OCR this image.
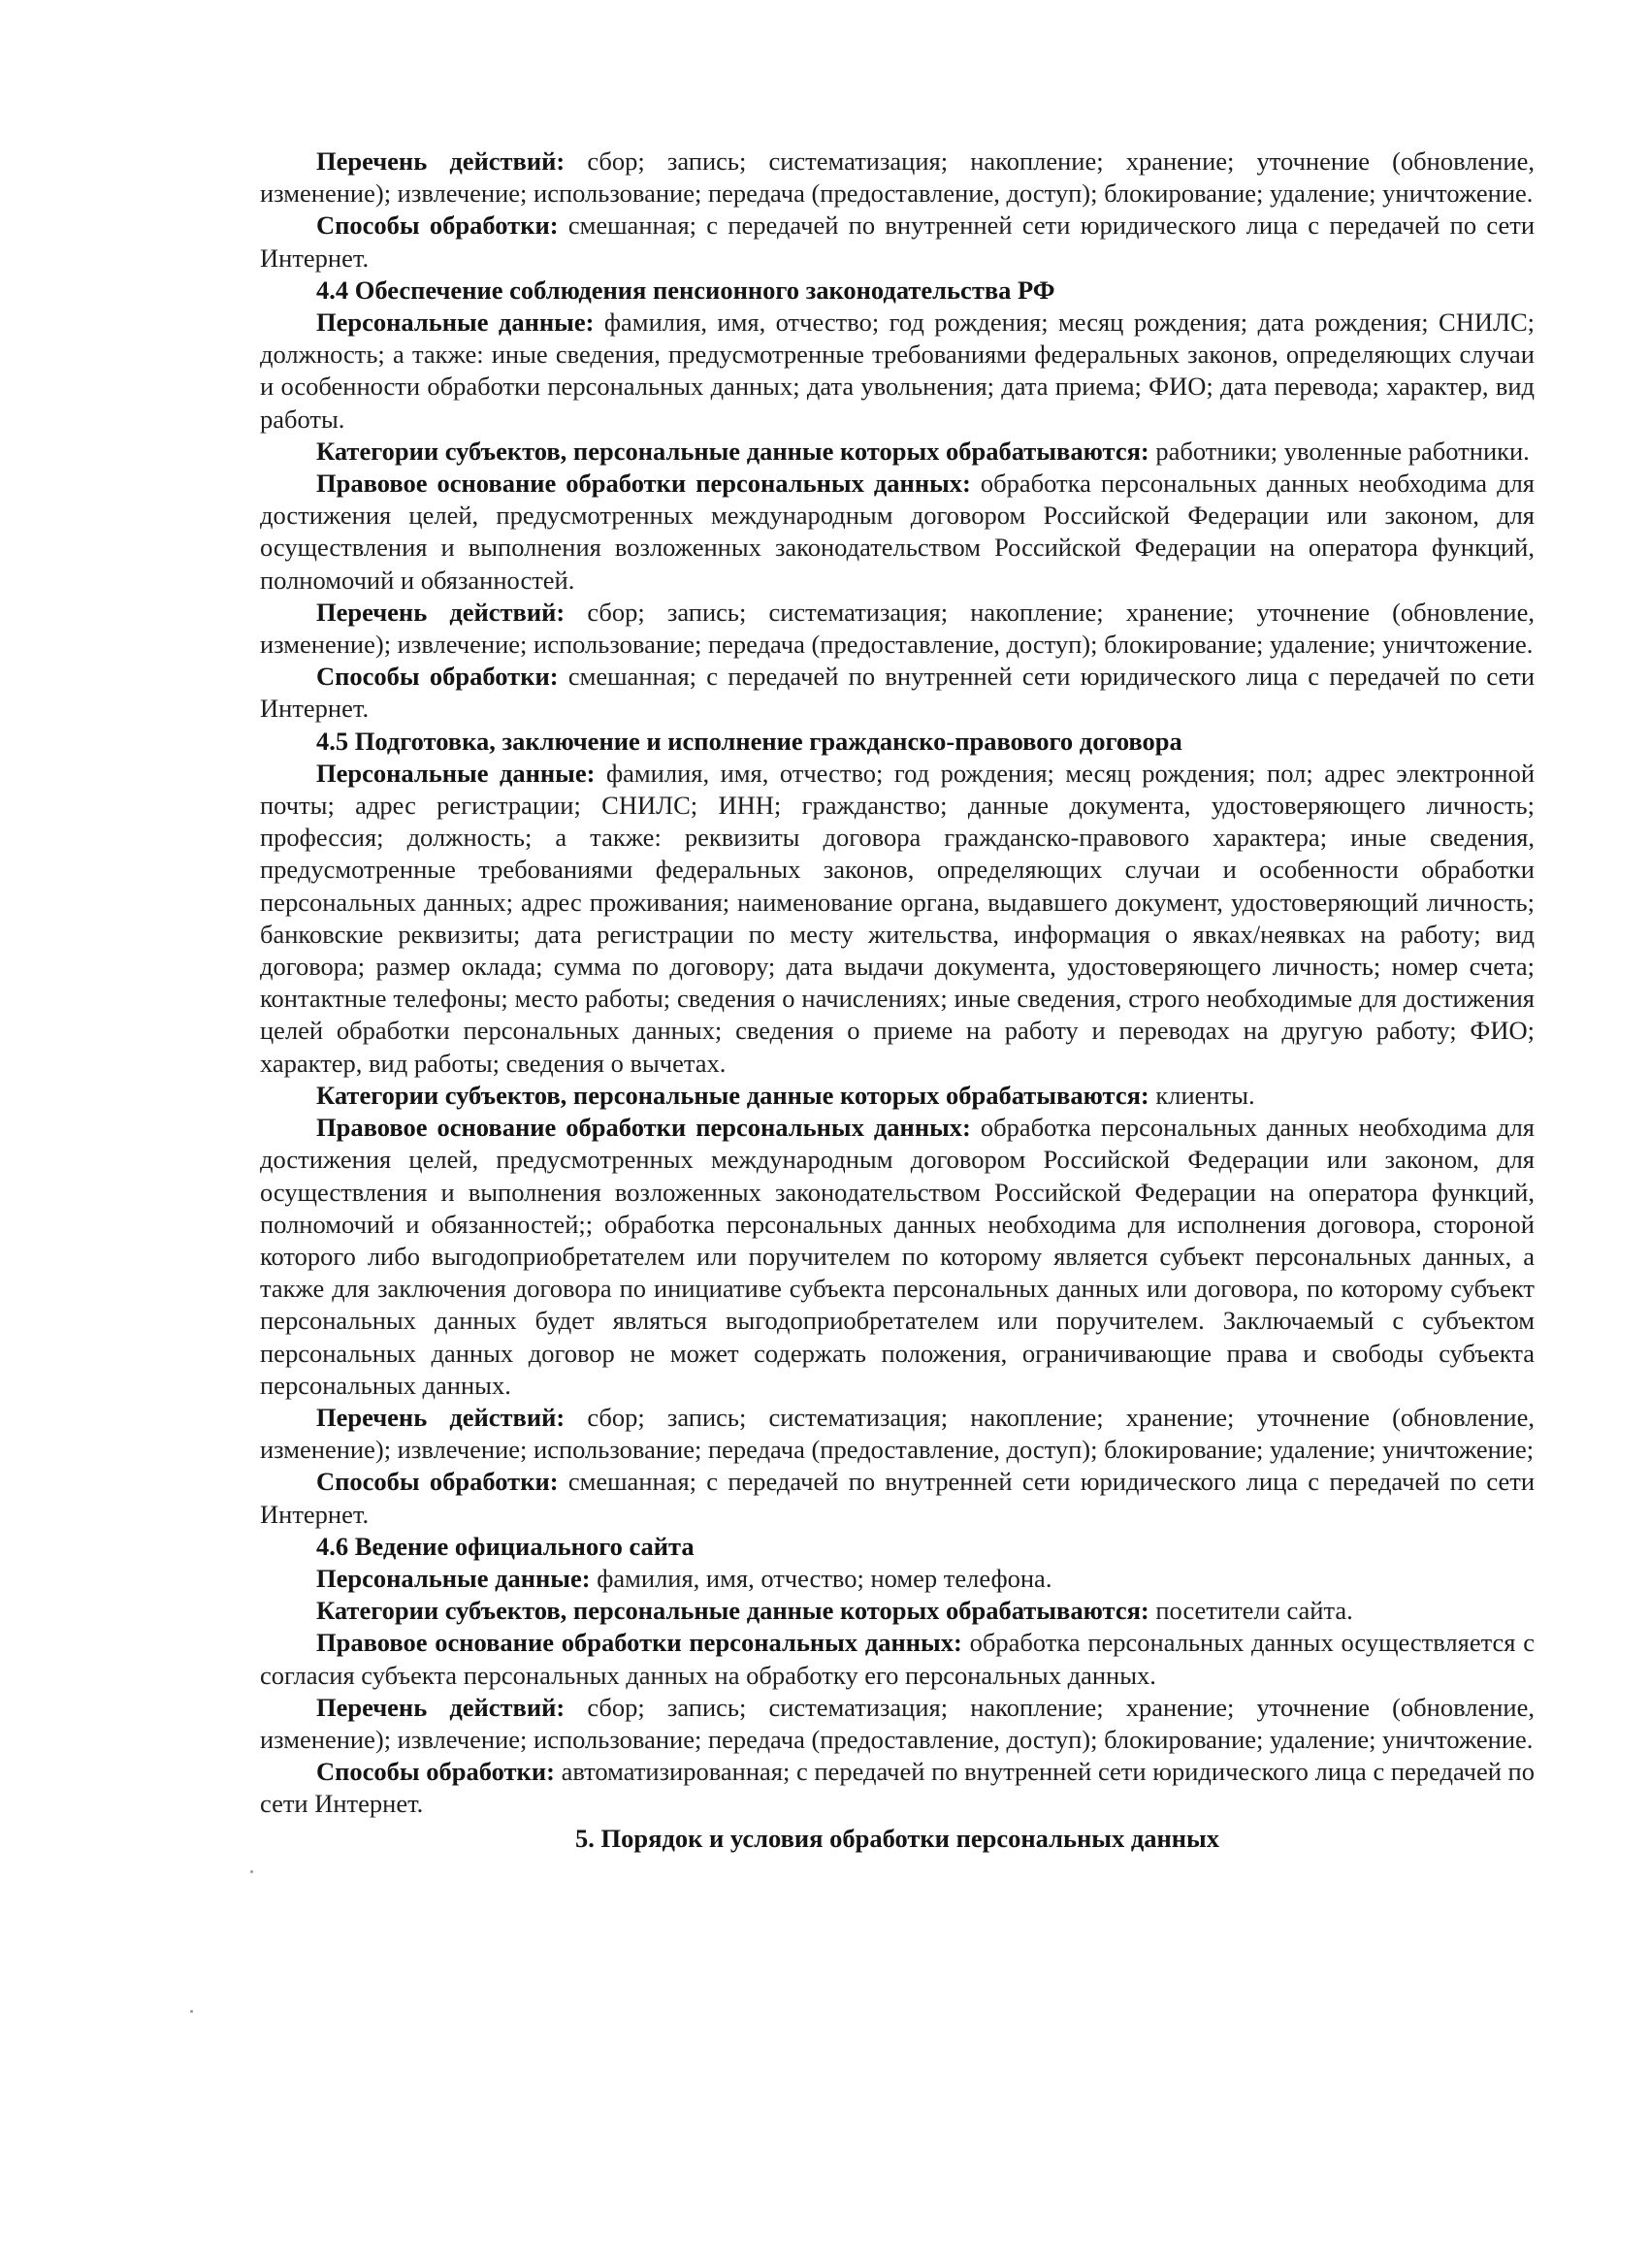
Перечень действий: сбор; запись; систематизация; накопление; хранение; уточнение (обновление, изменение); извлечение; использование; передача (предоставление, доступ); блокирование; удаление; уничтожение.

Способы обработки: смешанная; с передачей по внутренней сети юридического лица с передачей по сети Интернет.

4.4 Обеспечение соблюдения пенсионного законодательства РФ

Персональные данные: фамилия, имя, отчество; год рождения; месяц рождения; дата рождения; СНИЛС; должность; а также: иные сведения, предусмотренные требованиями федеральных законов, определяющих случаи и особенности обработки персональных данных; дата увольнения; дата приема; ФИО; дата перевода; характер, вид работы.

Категории субъектов, персональные данные которых обрабатываются: работники; уволенные работники.

Правовое основание обработки персональных данных: обработка персональных данных необходима для достижения целей, предусмотренных международным договором Российской Федерации или законом, для осуществления и выполнения возложенных законодательством Российской Федерации на оператора функций, полномочий и обязанностей.

Перечень действий: сбор; запись; систематизация; накопление; хранение; уточнение (обновление, изменение); извлечение; использование; передача (предоставление, доступ); блокирование; удаление; уничтожение.

Способы обработки: смешанная; с передачей по внутренней сети юридического лица с передачей по сети Интернет.

4.5 Подготовка, заключение и исполнение гражданско-правового договора

Персональные данные: фамилия, имя, отчество; год рождения; месяц рождения; пол; адрес электронной почты; адрес регистрации; СНИЛС; ИНН; гражданство; данные документа, удостоверяющего личность; профессия; должность; а также: реквизиты договора гражданско-правового характера; иные сведения, предусмотренные требованиями федеральных законов, определяющих случаи и особенности обработки персональных данных; адрес проживания; наименование органа, выдавшего документ, удостоверяющий личность; банковские реквизиты; дата регистрации по месту жительства, информация о явках/неявках на работу; вид договора; размер оклада; сумма по договору; дата выдачи документа, удостоверяющего личность; номер счета; контактные телефоны; место работы; сведения о начислениях; иные сведения, строго необходимые для достижения целей обработки персональных данных; сведения о приеме на работу и переводах на другую работу; ФИО; характер, вид работы; сведения о вычетах.

Категории субъектов, персональные данные которых обрабатываются: клиенты.

Правовое основание обработки персональных данных: обработка персональных данных необходима для достижения целей, предусмотренных международным договором Российской Федерации или законом, для осуществления и выполнения возложенных законодательством Российской Федерации на оператора функций, полномочий и обязанностей;; обработка персональных данных необходима для исполнения договора, стороной которого либо выгодоприобретателем или поручителем по которому является субъект персональных данных, а также для заключения договора по инициативе субъекта персональных данных или договора, по которому субъект персональных данных будет являться выгодоприобретателем или поручителем. Заключаемый с субъектом персональных данных договор не может содержать положения, ограничивающие права и свободы субъекта персональных данных.

Перечень действий: сбор; запись; систематизация; накопление; хранение; уточнение (обновление, изменение); извлечение; использование; передача (предоставление, доступ); блокирование; удаление; уничтожение;

Способы обработки: смешанная; с передачей по внутренней сети юридического лица с передачей по сети Интернет.

4.6 Ведение официального сайта

Персональные данные: фамилия, имя, отчество; номер телефона.

Категории субъектов, персональные данные которых обрабатываются: посетители сайта.

Правовое основание обработки персональных данных: обработка персональных данных осуществляется с согласия субъекта персональных данных на обработку его персональных данных.

Перечень действий: сбор; запись; систематизация; накопление; хранение; уточнение (обновление, изменение); извлечение; использование; передача (предоставление, доступ); блокирование; удаление; уничтожение.

Способы обработки: автоматизированная; с передачей по внутренней сети юридического лица с передачей по сети Интернет.

5. Порядок и условия обработки персональных данных
